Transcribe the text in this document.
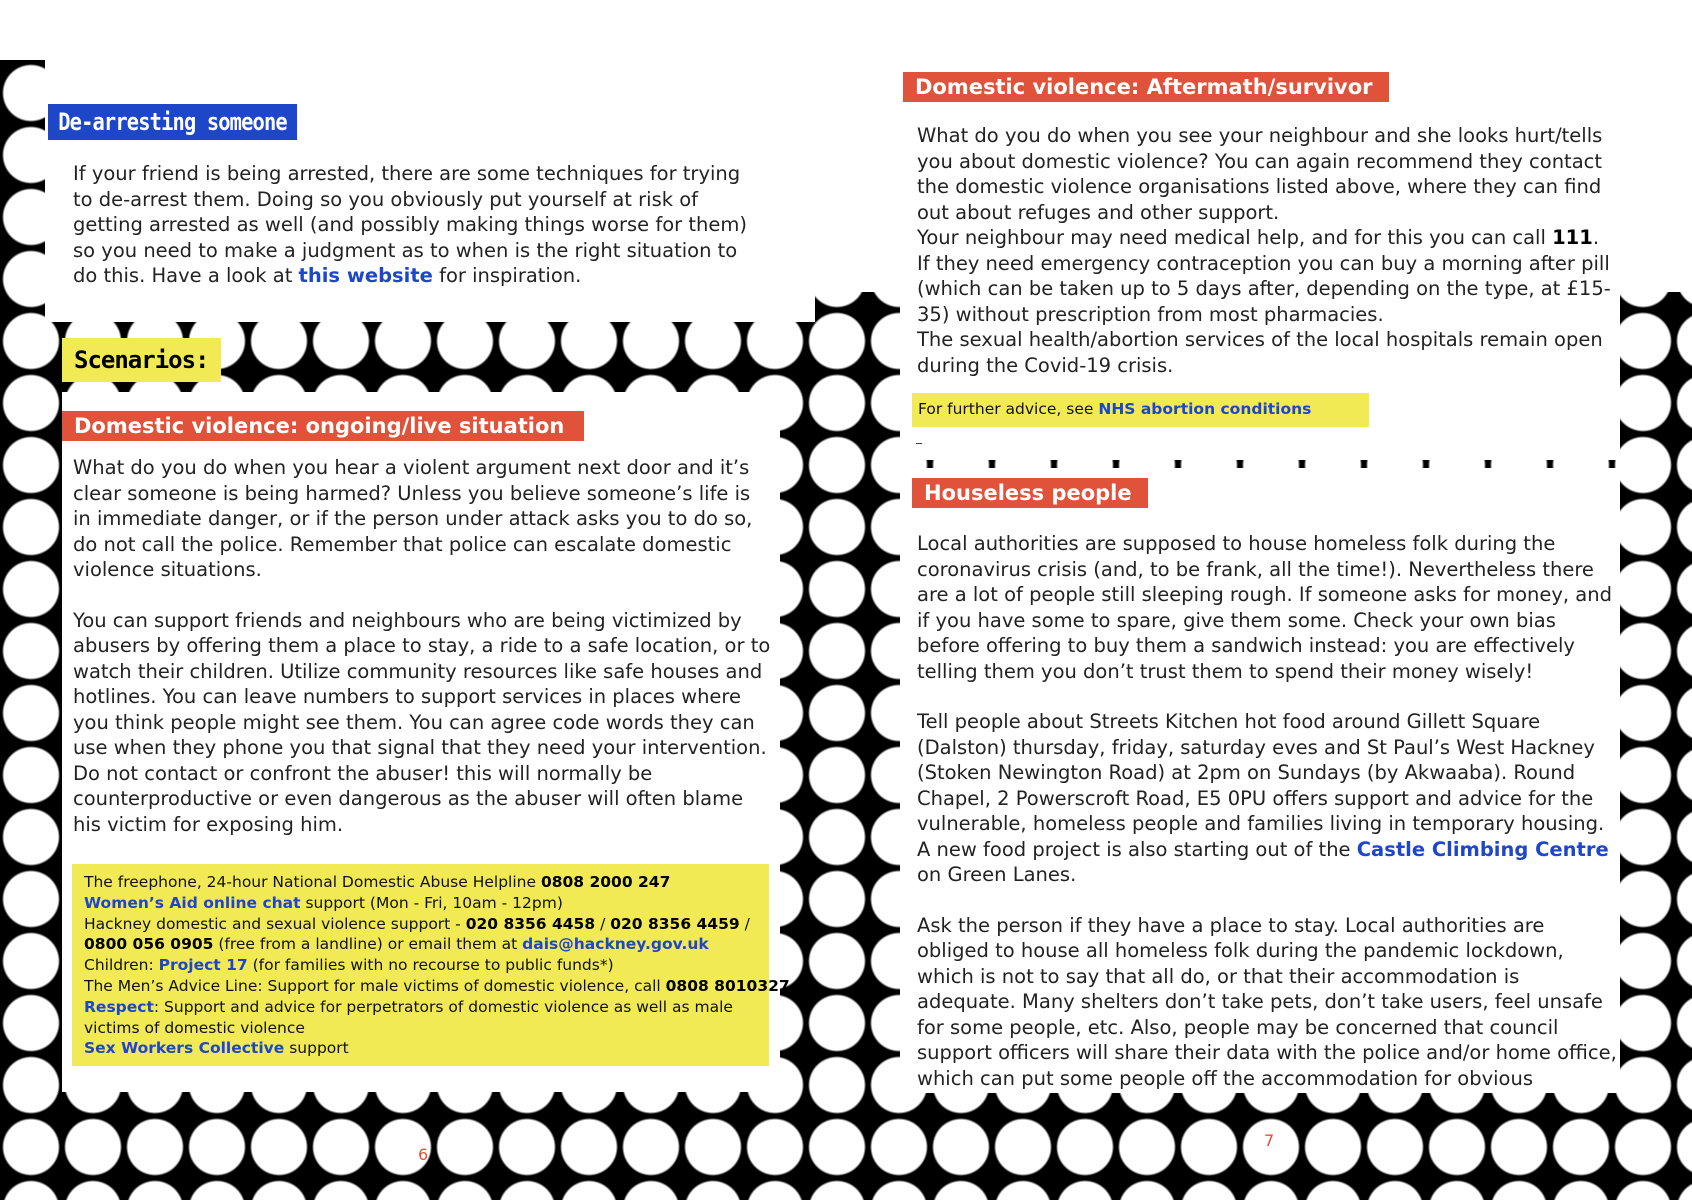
De-arresting someone
If your friend is being arrested, there are some techniques for trying to de-arrest them. Doing so you obviously put yourself at risk of getting arrested as well (and possibly making things worse for them) so you need to make a judgment as to when is the right situation to do this. Have a look at this website for inspiration.
Scenarios:
Domestic violence: ongoing/live situation

What do you do when you hear a violent argument next door and it’s clear someone is being harmed? Unless you believe someone’s life is in immediate danger, or if the person under attack asks you to do so, do not call the police. Remember that police can escalate domestic violence situations.

You can support friends and neighbours who are being victimized by abusers by offering them a place to stay, a ride to a safe location, or to watch their children. Utilize community resources like safe houses and hotlines. You can leave numbers to support services in places where you think people might see them. You can agree code words they can use when they phone you that signal that they need your intervention. Do not contact or confront the abuser! this will normally be counterproductive or even dangerous as the abuser will often blame his victim for exposing him.

The freephone, 24-hour National Domestic Abuse Helpline 0808 2000 247
Women’s Aid online chat support (Mon - Fri, 10am - 12pm)
Hackney domestic and sexual violence support - 020 8356 4458 / 020 8356 4459 /
0800 056 0905 (free from a landline) or email them at dais@hackney.gov.uk
Children: Project 17 (for families with no recourse to public funds*)
The Men’s Advice Line: Support for male victims of domestic violence, call 0808 8010327
Respect: Support and advice for perpetrators of domestic violence as well as male victims of domestic violence
Sex Workers Collective support
6
Domestic violence: Aftermath/survivor

What do you do when you see your neighbour and she looks hurt/tells you about domestic violence? You can again recommend they contact the domestic violence organisations listed above, where they can find out about refuges and other support.

Your neighbour may need medical help, and for this you can call 111.

If they need emergency contraception you can buy a morning after pill (which can be taken up to 5 days after, depending on the type, at £15-35) without prescription from most pharmacies.

The sexual health/abortion services of the local hospitals remain open during the Covid-19 crisis.

For further advice, see NHS abortion conditions
_
Houseless people

Local authorities are supposed to house homeless folk during the coronavirus crisis (and, to be frank, all the time!). Nevertheless there are a lot of people still sleeping rough. If someone asks for money, and if you have some to spare, give them some. Check your own bias before offering to buy them a sandwich instead: you are effectively telling them you don’t trust them to spend their money wisely!

Tell people about Streets Kitchen hot food around Gillett Square (Dalston) thursday, friday, saturday eves and St Paul’s West Hackney (Stoken Newington Road) at 2pm on Sundays (by Akwaaba). Round Chapel, 2 Powerscroft Road, E5 0PU offers support and advice for the vulnerable, homeless people and families living in temporary housing. A new food project is also starting out of the Castle Climbing Centre on Green Lanes.

Ask the person if they have a place to stay. Local authorities are obliged to house all homeless folk during the pandemic lockdown, which is not to say that all do, or that their accommodation is adequate. Many shelters don’t take pets, don’t take users, feel unsafe for some people, etc. Also, people may be concerned that council support officers will share their data with the police and/or home office, which can put some people off the accommodation for obvious

7
